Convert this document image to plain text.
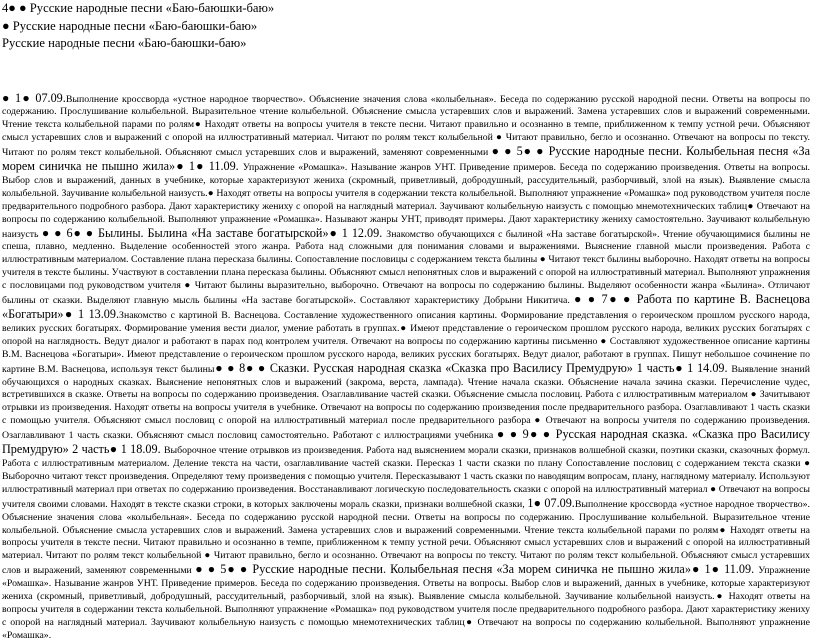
4● ● Русские народные песни «Баю-баюшки-баю»

● Русские народные песни «Баю-баюшки-баю»

Русские народные песни «Баю-баюшки-баю»

● 1● 07.09.Выполнение кроссворда «устное народное творчество». Объяснение значения слова «колыбельная». Беседа по содержанию русской народной песни. Ответы на вопросы по содержанию. Прослушивание колыбельной. Выразительное чтение колыбельной. Объяснение смысла устаревших слов и выражений. Замена устаревших слов и выражений современными. Чтение текста колыбельной парами по ролям● Находят ответы на вопросы учителя в тексте песни. Читают правильно и осознанно в темпе, приближенном к темпу устной речи. Объясняют смысл устаревших слов и выражений с опорой на иллюстративный материал. Читают по ролям текст колыбельной ● Читают правильно, бегло и осознанно. Отвечают на вопросы по тексту. Читают по ролям текст колыбельной. Объясняют смысл устаревших слов и выражений, заменяют современными ● ● 5● ● Русские народные песни. Колыбельная песня «За морем синичка не пышно жила»● 1● 11.09. Упражнение «Ромашка». Называние жанров УНТ. Приведение примеров. Беседа по содержанию произведения. Ответы на вопросы. Выбор слов и выражений, данных в учебнике, которые характеризуют жениха (скромный, приветливый, добродушный, рассудительный, разборчивый, злой на язык). Выявление смысла колыбельной. Заучивание колыбельной наизусть.● Находят ответы на вопросы учителя в содержании текста колыбельной. Выполняют упражнение «Ромашка» под руководством учителя после предварительного подробного разбора. Дают характеристику жениху с опорой на наглядный материал. Заучивают колыбельную наизусть с помощью мнемотехнических таблиц● Отвечают на вопросы по содержанию колыбельной. Выполняют упражнение «Ромашка». Называют жанры УНТ, приводят примеры. Дают характеристику жениху самостоятельно. Заучивают колыбельную наизусть ● ● 6● ● Былины. Былина «На заставе богатырской»● 1 12.09. Знакомство обучающихся с былиной «На заставе богатырской». Чтение обучающимися былины не спеша, плавно, медленно. Выделение особенностей этого жанра. Работа над сложными для понимания словами и выражениями. Выяснение главной мысли произведения. Работа с иллюстративным материалом. Составление плана пересказа былины. Сопоставление пословицы с содержанием текста былины ● Читают текст былины выборочно. Находят ответы на вопросы учителя в тексте былины. Участвуют в составлении плана пересказа былины. Объясняют смысл непонятных слов и выражений с опорой на иллюстративный материал. Выполняют упражнения с пословицами под руководством учителя ● Читают былины выразительно, выборочно. Отвечают на вопросы по содержанию былины. Выделяют особенности жанра «Былина». Отличают былины от сказки. Выделяют главную мысль былины «На заставе богатырской». Составляют характеристику Добрыни Никитича. ● ● 7● ● Работа по картине В. Васнецова «Богатыри»● 1 13.09.Знакомство с картиной В. Васнецова. Составление художественного описания картины. Формирование представления о героическом прошлом русского народа, великих русских богатырях. Формирование умения вести диалог, умение работать в группах.● Имеют представление о героическом прошлом русского народа, великих русских богатырях с опорой на наглядность. Ведут диалог и работают в парах под контролем учителя. Отвечают на вопросы по содержанию картины письменно ● Составляют художественное описание картины В.М. Васнецова «Богатыри». Имеют представление о героическом прошлом русского народа, великих русских богатырях. Ведут диалог, работают в группах. Пишут небольшое сочинение по картине В.М. Васнецова, используя текст былины● ● 8● ● Сказки. Русская народная сказка «Сказка про Василису Премудрую» 1 часть● 1 14.09. Выявление знаний обучающихся о народных сказках. Выяснение непонятных слов и выражений (закромa, верста, лампада). Чтение начала сказки. Объяснение начала зачина сказки. Перечисление чудес, встретившихся в сказке. Ответы на вопросы по содержанию произведения. Озаглавливание частей сказки. Объяснение смысла пословиц. Работа с иллюстративным материалом ● Зачитывают отрывки из произведения. Находят ответы на вопросы учителя в учебнике. Отвечают на вопросы по содержанию произведения после предварительного разбора. Озаглавливают 1 часть сказки с помощью учителя. Объясняют смысл пословиц с опорой на иллюстративный материал после предварительного разбора ● Отвечают на вопросы учителя по содержанию произведения. Озаглавливают 1 часть сказки. Объясняют смысл пословиц самостоятельно. Работают с иллюстрациями учебника ● ● 9● ● Русская народная сказка. «Сказка про Василису Премудрую» 2 часть● 1 18.09. Выборочное чтение отрывков из произведения. Работа над выяснением морали сказки, признаков волшебной сказки, поэтики сказки, сказочных формул. Работа с иллюстративным материалом. Деление текста на части, озаглавливание частей сказки. Пересказ 1 части сказки по плану Сопоставление пословиц с содержанием текста сказки ● Выборочно читают текст произведения. Определяют тему произведения с помощью учителя. Пересказывают 1 часть сказки по наводящим вопросам, плану, наглядному материалу. Используют иллюстративный материал при ответах по содержанию произведения. Восстанавливают логическую последовательность сказки с опорой на иллюстративный материал ● Отвечают на вопросы учителя своими словами. Находят в тексте сказки строки, в которых заключены мораль сказки, признаки волшебной сказки, 1● 07.09.Выполнение кроссворда «устное народное творчество». Объяснение значения слова «колыбельная». Беседа по содержанию русской народной песни. Ответы на вопросы по содержанию. Прослушивание колыбельной. Выразительное чтение колыбельной. Объяснение смысла устаревших слов и выражений. Замена устаревших слов и выражений современными. Чтение текста колыбельной парами по ролям● Находят ответы на вопросы учителя в тексте песни. Читают правильно и осознанно в темпе, приближенном к темпу устной речи. Объясняют смысл устаревших слов и выражений с опорой на иллюстративный материал. Читают по ролям текст колыбельной ● Читают правильно, бегло и осознанно. Отвечают на вопросы по тексту. Читают по ролям текст колыбельной. Объясняют смысл устаревших слов и выражений, заменяют современными ● ● 5● ● Русские народные песни. Колыбельная песня «За морем синичка не пышно жила»● 1● 11.09. Упражнение «Ромашка». Называние жанров УНТ. Приведение примеров. Беседа по содержанию произведения. Ответы на вопросы. Выбор слов и выражений, данных в учебнике, которые характеризуют жениха (скромный, приветливый, добродушный, рассудительный, разборчивый, злой на язык). Выявление смысла колыбельной. Заучивание колыбельной наизусть.● Находят ответы на вопросы учителя в содержании текста колыбельной. Выполняют упражнение «Ромашка» под руководством учителя после предварительного подробного разбора. Дают характеристику жениху с опорой на наглядный материал. Заучивают колыбельную наизусть с помощью мнемотехнических таблиц● Отвечают на вопросы по содержанию колыбельной. Выполняют упражнение «Ромашка».
